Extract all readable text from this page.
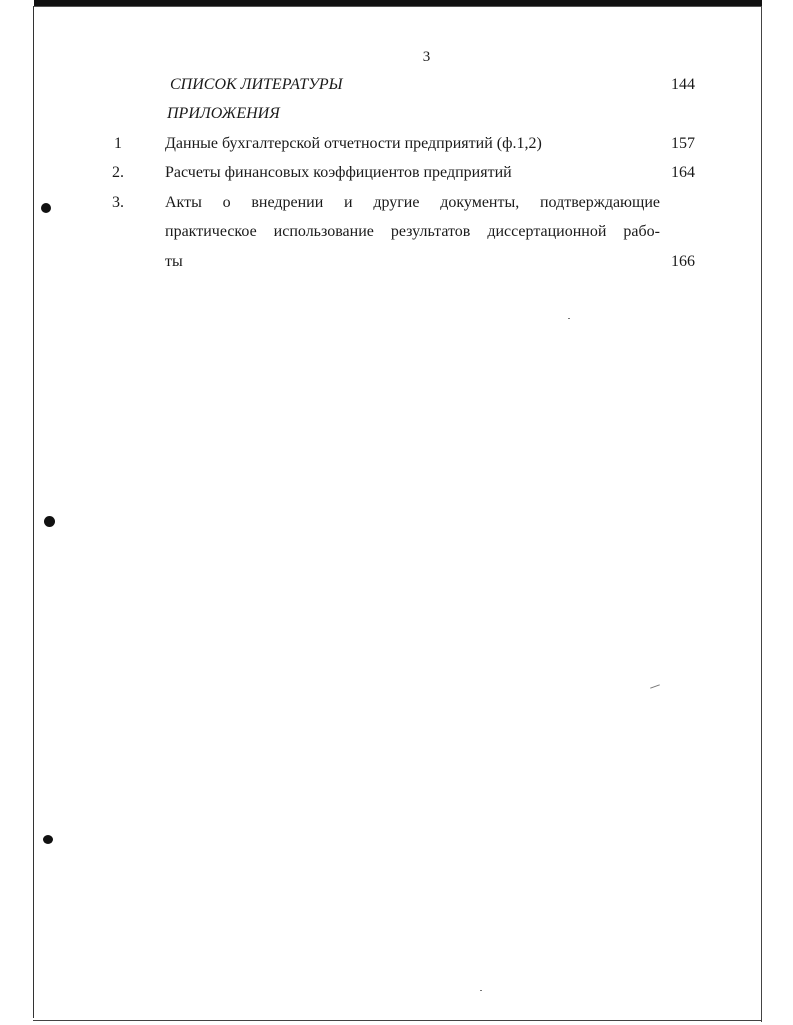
3
СПИСОК ЛИТЕРАТУРЫ	144
ПРИЛОЖЕНИЯ
1	Данные бухгалтерской отчетности предприятий (ф.1,2)	157
2.	Расчеты финансовых коэффициентов предприятий	164
3.	Акты о внедрении и другие документы, подтверждающие
практическое использование результатов диссертационной рабо-
ты	166
